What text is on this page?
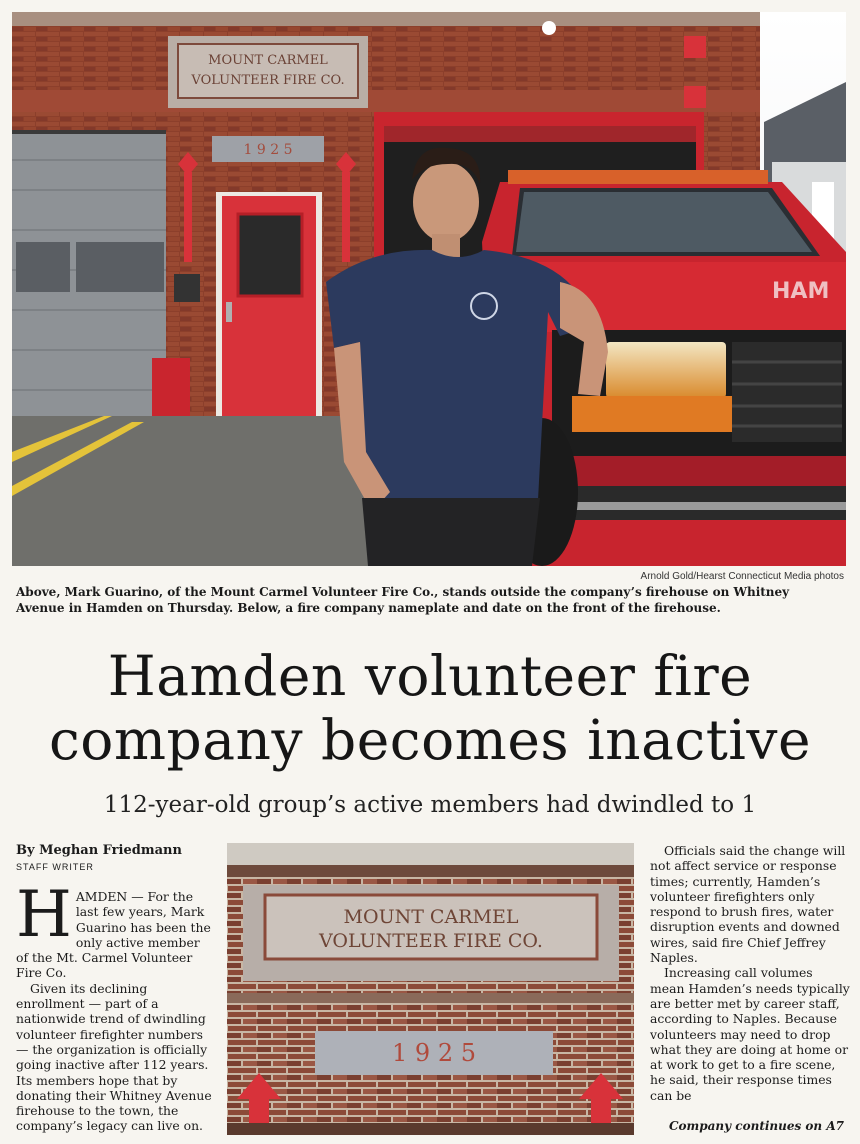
MOUNT CARMEL
VOLUNTEER FIRE CO.
1 9 2 5
HAM
Arnold Gold/Hearst Connecticut Media photos
Above, Mark Guarino, of the Mount Carmel Volunteer Fire Co., stands outside the company’s firehouse on Whitney Avenue in Hamden on Thursday. Below, a fire company nameplate and date on the front of the firehouse.
Hamden volunteer fire
company becomes inactive
112-year-old group’s active members had dwindled to 1
By Meghan Friedmann
STAFF WRITER

HAMDEN — For the last few years, Mark Guarino has been the only active member of the Mt. Carmel Volunteer Fire Co.

Given its declining enrollment — part of a nationwide trend of dwindling volunteer firefighter numbers — the organization is officially going inactive after 112 years. Its members hope that by donating their Whitney Avenue firehouse to the town, the company’s legacy can live on.

MOUNT CARMEL
VOLUNTEER FIRE CO.
1 9 2 5

Officials said the change will not affect service or response times; currently, Hamden’s volunteer firefighters only respond to brush fires, water disruption events and downed wires, said fire Chief Jeffrey Naples.

Increasing call volumes mean Hamden’s needs typically are better met by career staff, according to Naples. Because volunteers may need to drop what they are doing at home or at work to get to a fire scene, he said, their response times can be

Company continues on A7
